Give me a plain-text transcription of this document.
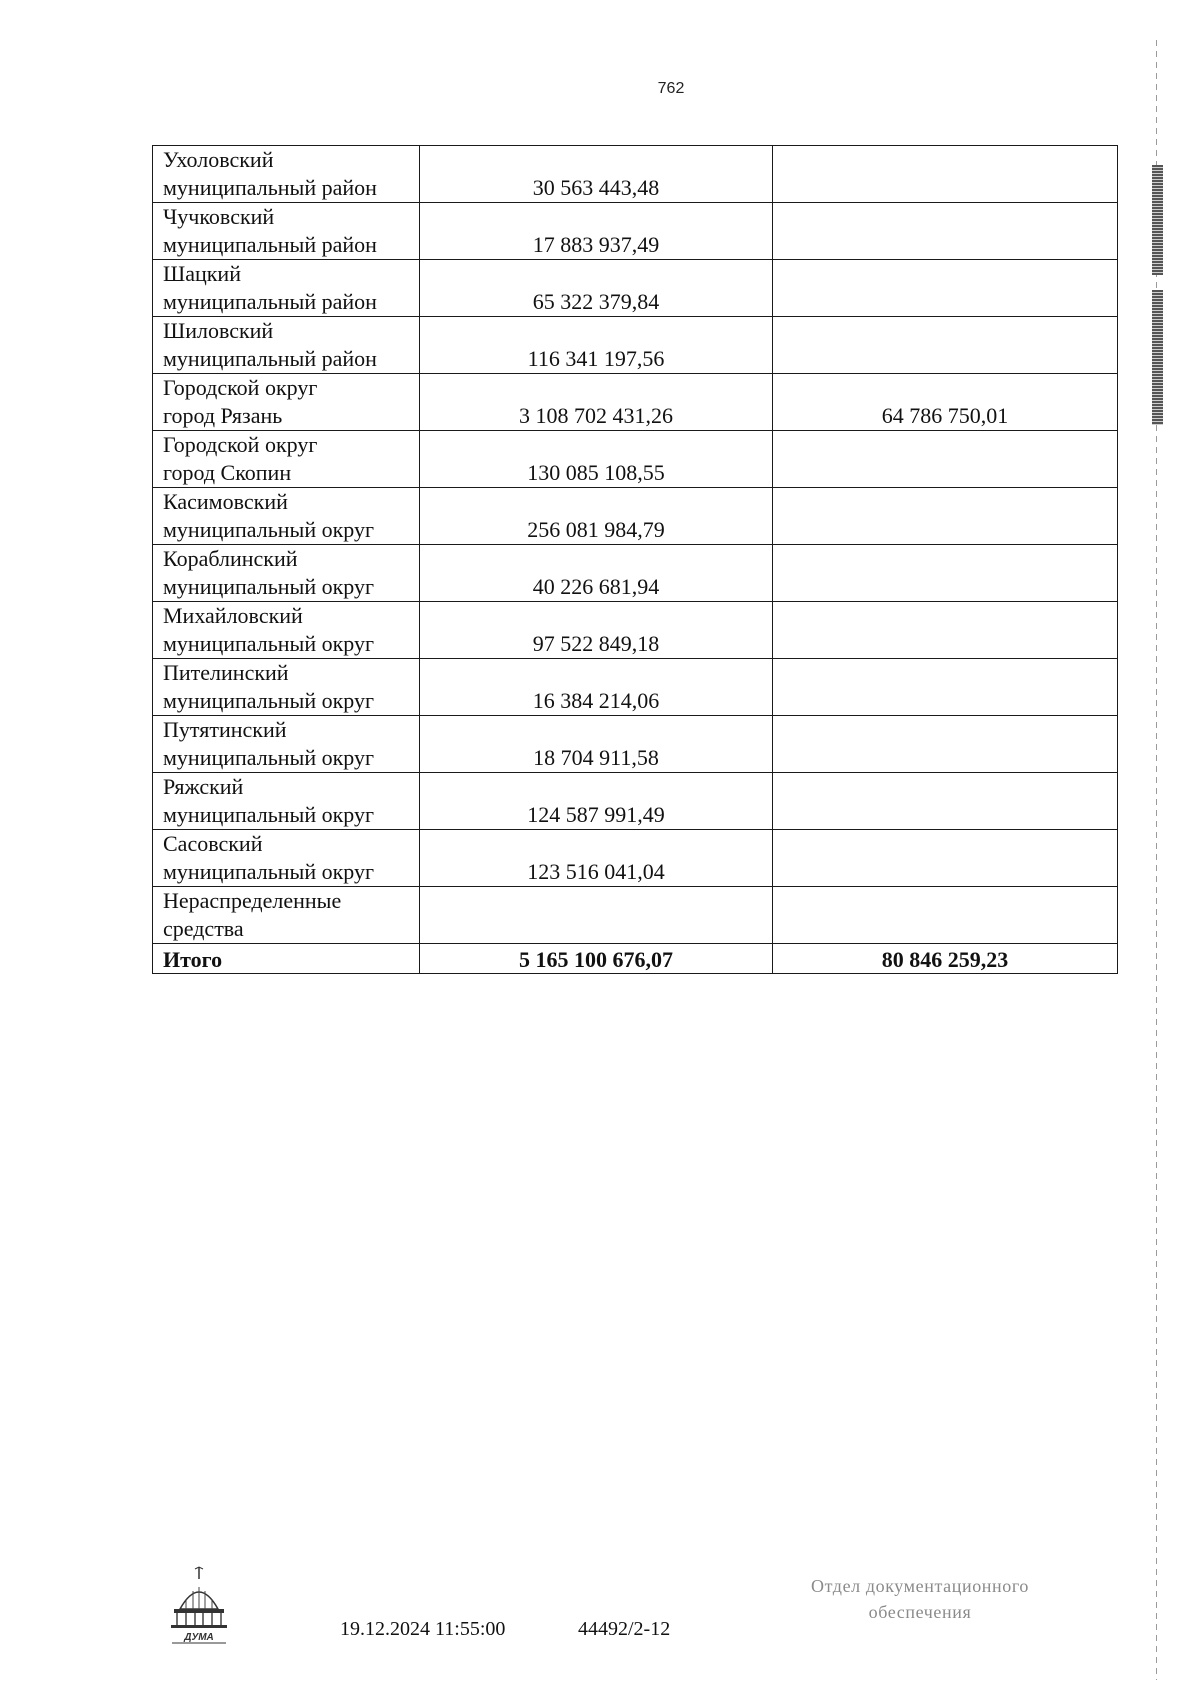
762
Ухоловский
муниципальный район	30 563 443,48	

Чучковский
муниципальный район	17 883 937,49	

Шацкий
муниципальный район	65 322 379,84	

Шиловский
муниципальный район	116 341 197,56	

Городской округ
город Рязань	3 108 702 431,26	64 786 750,01

Городской округ
город Скопин	130 085 108,55	

Касимовский
муниципальный округ	256 081 984,79	

Кораблинский
муниципальный округ	40 226 681,94	

Михайловский
муниципальный округ	97 522 849,18	

Пителинский
муниципальный округ	16 384 214,06	

Путятинский
муниципальный округ	18 704 911,58	

Ряжский
муниципальный округ	124 587 991,49	

Сасовский
муниципальный округ	123 516 041,04	

Нераспределенные
средства		

Итого	5 165 100 676,07	80 846 259,23
ДУМА	19.12.2024 11:55:00	44492/2-12
Отдел документационного
обеспечения
